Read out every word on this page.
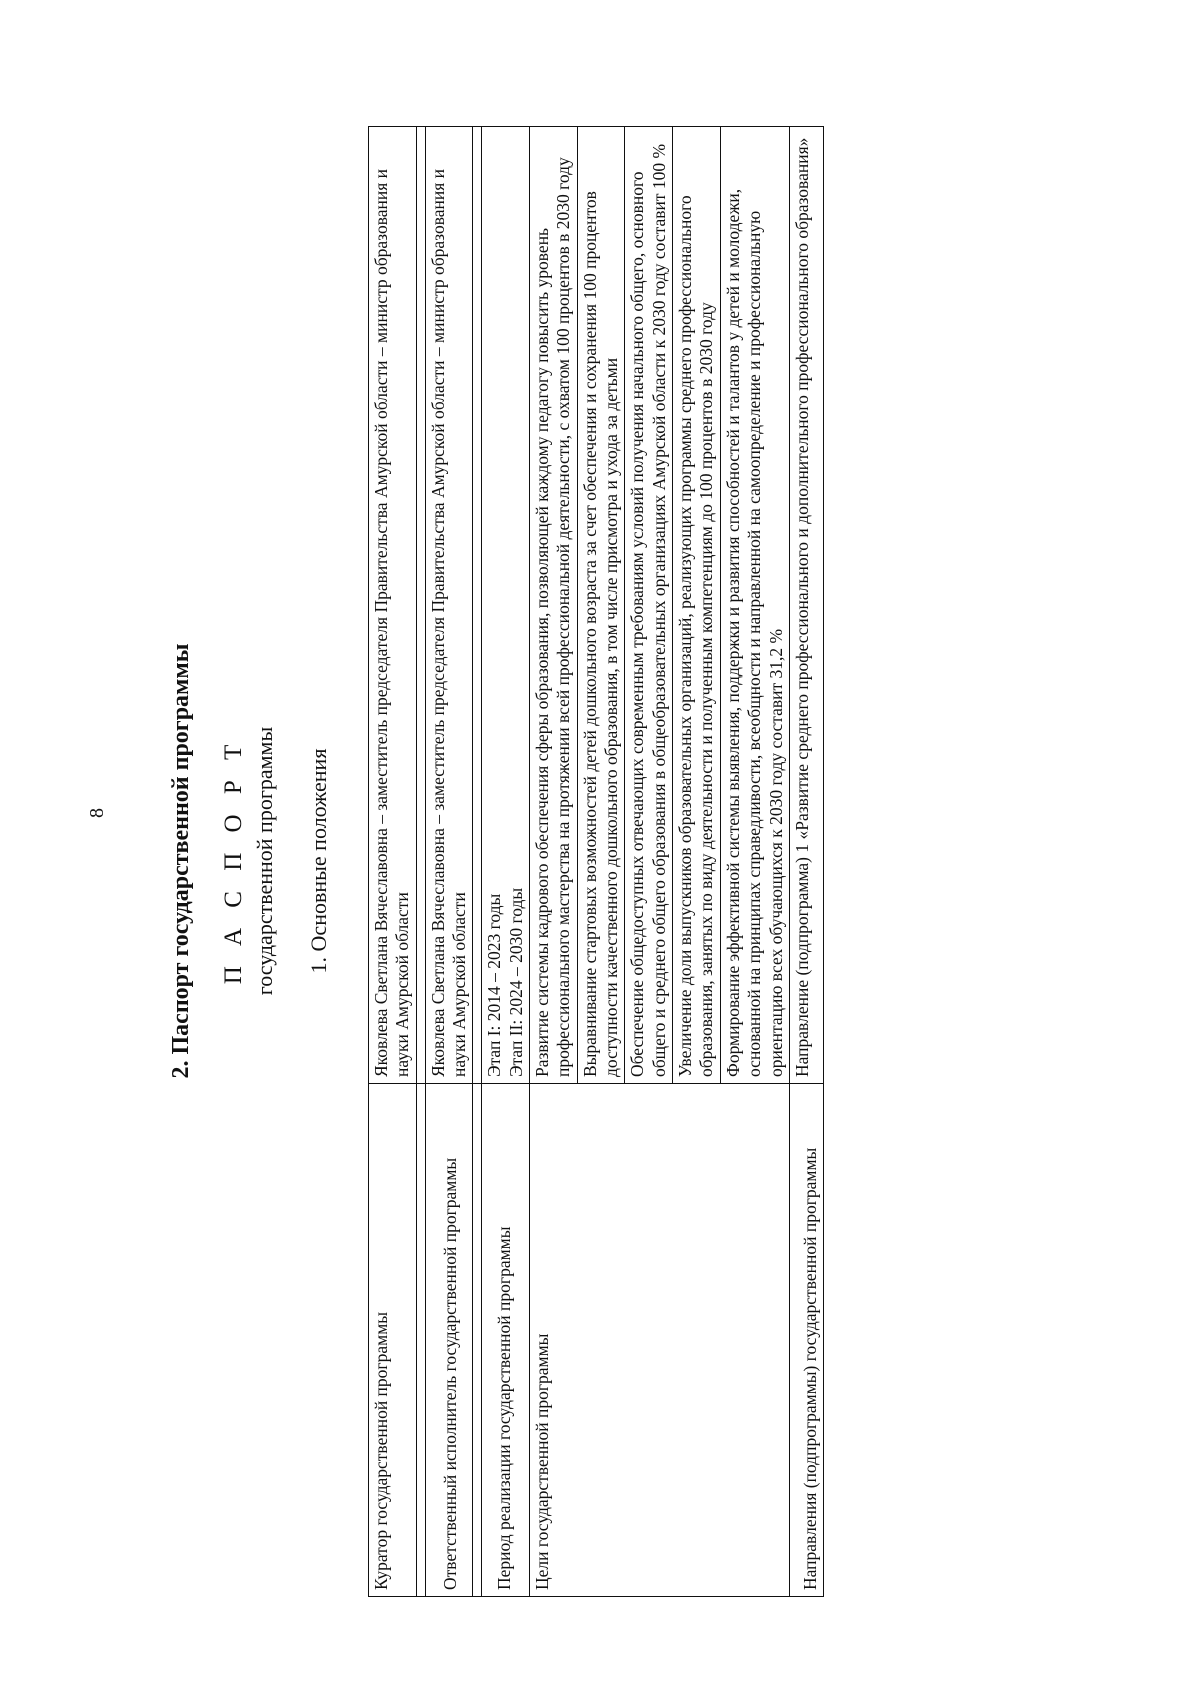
8	2. Паспорт государственной программы П А С П О Р Т государственной программы 1. Основные положения
Куратор государственной программы	Яковлева Светлана Вячеславовна – заместитель председателя Правительства Амурской области – министр образования и науки Амурской области

Ответственный исполнитель государственной программы	Яковлева Светлана Вячеславовна – заместитель председателя Правительства Амурской области – министр образования и науки Амурской области

Период реализации государственной программы	Этап I: 2014 – 2023 годы Этап II: 2024 – 2030 годы

Цели государственной программы	Развитие системы кадрового обеспечения сферы образования, позволяющей каждому педагогу повысить уровень профессионального мастерства на протяжении всей профессиональной деятельности, с охватом 100 процентов в 2030 году
	Выравнивание стартовых возможностей детей дошкольного возраста за счет обеспечения и сохранения 100 процентов доступности качественного дошкольного образования, в том числе присмотра и ухода за детьми
	Обеспечение общедоступных отвечающих современным требованиям условий получения начального общего, основного общего и среднего общего образования в общеобразовательных организациях Амурской области к 2030 году составит 100 %
	Увеличение доли выпускников образовательных организаций, реализующих программы среднего профессионального образования, занятых по виду деятельности и полученным компетенциям до 100 процентов в 2030 году
	Формирование эффективной системы выявления, поддержки и развития способностей и талантов у детей и молодежи, основанной на принципах справедливости, всеобщности и направленной на самоопределение и профессиональную ориентацию всех обучающихся к 2030 году составит 31,2 %
Направления (подпрограммы) государственной программы	Направление (подпрограмма) 1 «Развитие среднего профессионального и дополнительного профессионального образования»
